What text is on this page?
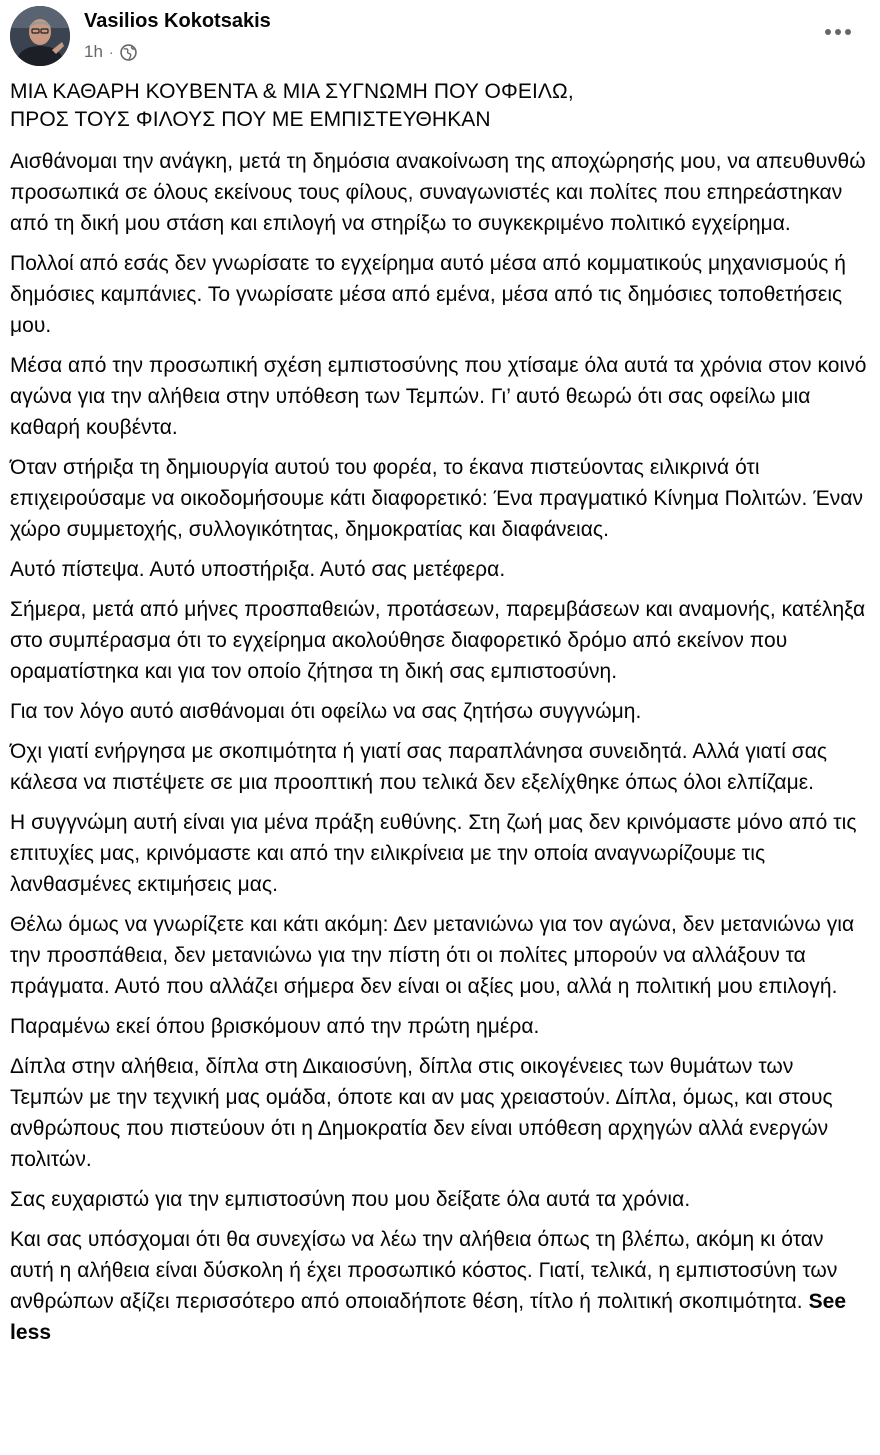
Vasilios Kokotsakis
1h ·

ΜΙΑ ΚΑΘΑΡΗ ΚΟΥΒΕΝΤΑ & ΜΙΑ ΣΥΓΝΩΜΗ ΠΟΥ ΟΦΕΙΛΩ,

ΠΡΟΣ ΤΟΥΣ ΦΙΛΟΥΣ ΠΟΥ ΜΕ ΕΜΠΙΣΤΕΥΘΗΚΑΝ

Αισθάνομαι την ανάγκη, μετά τη δημόσια ανακοίνωση της αποχώρησής μου, να απευθυνθώ προσωπικά σε όλους εκείνους τους φίλους, συναγωνιστές και πολίτες που επηρεάστηκαν από τη δική μου στάση και επιλογή να στηρίξω το συγκεκριμένο πολιτικό εγχείρημα.

Πολλοί από εσάς δεν γνωρίσατε το εγχείρημα αυτό μέσα από κομματικούς μηχανισμούς ή δημόσιες καμπάνιες. Το γνωρίσατε μέσα από εμένα, μέσα από τις δημόσιες τοποθετήσεις μου.

Μέσα από την προσωπική σχέση εμπιστοσύνης που χτίσαμε όλα αυτά τα χρόνια στον κοινό αγώνα για την αλήθεια στην υπόθεση των Τεμπών. Γι’ αυτό θεωρώ ότι σας οφείλω μια καθαρή κουβέντα.

Όταν στήριξα τη δημιουργία αυτού του φορέα, το έκανα πιστεύοντας ειλικρινά ότι επιχειρούσαμε να οικοδομήσουμε κάτι διαφορετικό: Ένα πραγματικό Κίνημα Πολιτών. Έναν χώρο συμμετοχής, συλλογικότητας, δημοκρατίας και διαφάνειας.

Αυτό πίστεψα. Αυτό υποστήριξα. Αυτό σας μετέφερα.

Σήμερα, μετά από μήνες προσπαθειών, προτάσεων, παρεμβάσεων και αναμονής, κατέληξα στο συμπέρασμα ότι το εγχείρημα ακολούθησε διαφορετικό δρόμο από εκείνον που οραματίστηκα και για τον οποίο ζήτησα τη δική σας εμπιστοσύνη.

Για τον λόγο αυτό αισθάνομαι ότι οφείλω να σας ζητήσω συγγνώμη.

Όχι γιατί ενήργησα με σκοπιμότητα ή γιατί σας παραπλάνησα συνειδητά. Αλλά γιατί σας κάλεσα να πιστέψετε σε μια προοπτική που τελικά δεν εξελίχθηκε όπως όλοι ελπίζαμε.

Η συγγνώμη αυτή είναι για μένα πράξη ευθύνης. Στη ζωή μας δεν κρινόμαστε μόνο από τις επιτυχίες μας, κρινόμαστε και από την ειλικρίνεια με την οποία αναγνωρίζουμε τις λανθασμένες εκτιμήσεις μας.

Θέλω όμως να γνωρίζετε και κάτι ακόμη: Δεν μετανιώνω για τον αγώνα, δεν μετανιώνω για την προσπάθεια, δεν μετανιώνω για την πίστη ότι οι πολίτες μπορούν να αλλάξουν τα πράγματα. Αυτό που αλλάζει σήμερα δεν είναι οι αξίες μου, αλλά η πολιτική μου επιλογή.

Παραμένω εκεί όπου βρισκόμουν από την πρώτη ημέρα.

Δίπλα στην αλήθεια, δίπλα στη Δικαιοσύνη, δίπλα στις οικογένειες των θυμάτων των Τεμπών με την τεχνική μας ομάδα, όποτε και αν μας χρειαστούν. Δίπλα, όμως, και στους ανθρώπους που πιστεύουν ότι η Δημοκρατία δεν είναι υπόθεση αρχηγών αλλά ενεργών πολιτών.

Σας ευχαριστώ για την εμπιστοσύνη που μου δείξατε όλα αυτά τα χρόνια.

Και σας υπόσχομαι ότι θα συνεχίσω να λέω την αλήθεια όπως τη βλέπω, ακόμη κι όταν αυτή η αλήθεια είναι δύσκολη ή έχει προσωπικό κόστος. Γιατί, τελικά, η εμπιστοσύνη των ανθρώπων αξίζει περισσότερο από οποιαδήποτε θέση, τίτλο ή πολιτική σκοπιμότητα. See less
